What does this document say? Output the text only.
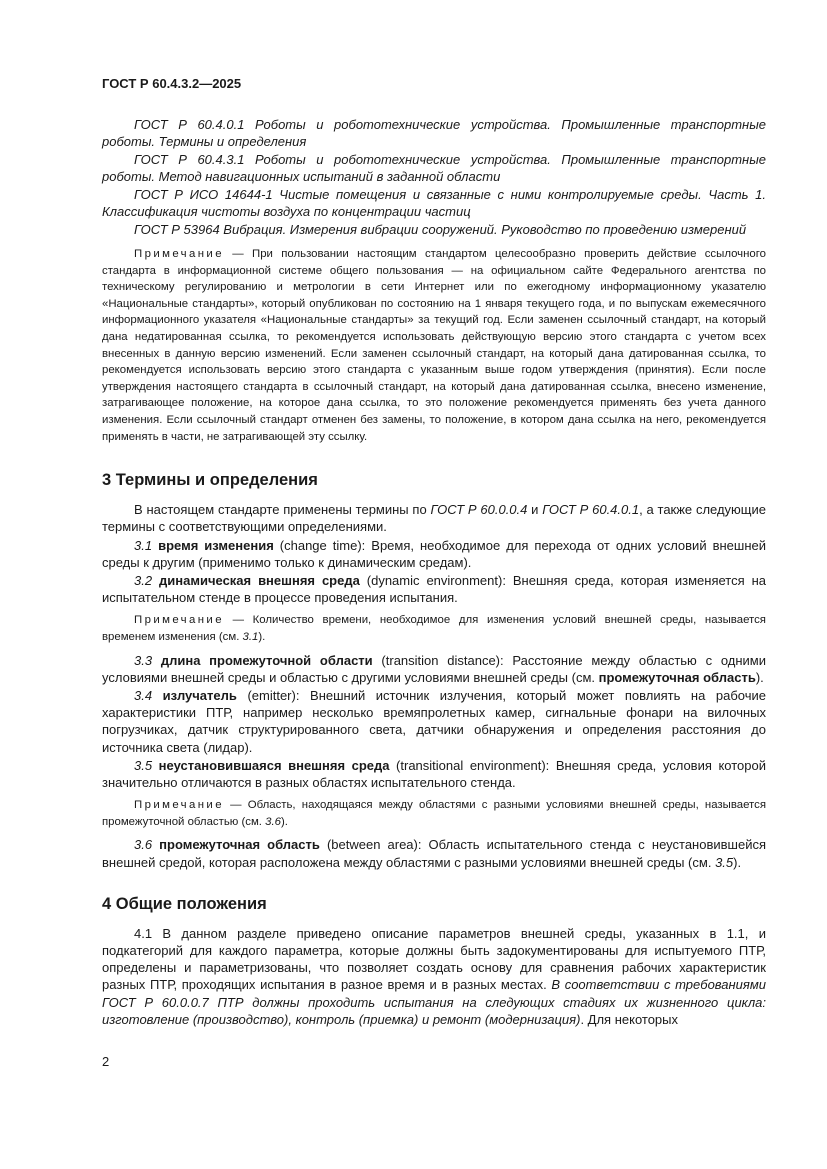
ГОСТ Р 60.4.3.2—2025

ГОСТ Р 60.4.0.1 Роботы и робототехнические устройства. Промышленные транспортные роботы. Термины и определения

ГОСТ Р 60.4.3.1 Роботы и робототехнические устройства. Промышленные транспортные роботы. Метод навигационных испытаний в заданной области

ГОСТ Р ИСО 14644-1 Чистые помещения и связанные с ними контролируемые среды. Часть 1. Классификация чистоты воздуха по концентрации частиц

ГОСТ Р 53964 Вибрация. Измерения вибрации сооружений. Руководство по проведению измерений

Примечание — При пользовании настоящим стандартом целесообразно проверить действие ссылочного стандарта в информационной системе общего пользования — на официальном сайте Федерального агентства по техническому регулированию и метрологии в сети Интернет или по ежегодному информационному указателю «Национальные стандарты», который опубликован по состоянию на 1 января текущего года, и по выпускам ежемесячного информационного указателя «Национальные стандарты» за текущий год. Если заменен ссылочный стандарт, на который дана недатированная ссылка, то рекомендуется использовать действующую версию этого стандарта с учетом всех внесенных в данную версию изменений. Если заменен ссылочный стандарт, на который дана датированная ссылка, то рекомендуется использовать версию этого стандарта с указанным выше годом утверждения (принятия). Если после утверждения настоящего стандарта в ссылочный стандарт, на который дана датированная ссылка, внесено изменение, затрагивающее положение, на которое дана ссылка, то это положение рекомендуется применять без учета данного изменения. Если ссылочный стандарт отменен без замены, то положение, в котором дана ссылка на него, рекомендуется применять в части, не затрагивающей эту ссылку.

3 Термины и определения

В настоящем стандарте применены термины по ГОСТ Р 60.0.0.4 и ГОСТ Р 60.4.0.1, а также следующие термины с соответствующими определениями.

3.1 время изменения (change time): Время, необходимое для перехода от одних условий внешней среды к другим (применимо только к динамическим средам).

3.2 динамическая внешняя среда (dynamic environment): Внешняя среда, которая изменяется на испытательном стенде в процессе проведения испытания.

Примечание — Количество времени, необходимое для изменения условий внешней среды, называется временем изменения (см. 3.1).

3.3 длина промежуточной области (transition distance): Расстояние между областью с одними условиями внешней среды и областью с другими условиями внешней среды (см. промежуточная область).

3.4 излучатель (emitter): Внешний источник излучения, который может повлиять на рабочие характеристики ПТР, например несколько времяпролетных камер, сигнальные фонари на вилочных погрузчиках, датчик структурированного света, датчики обнаружения и определения расстояния до источника света (лидар).

3.5 неустановившаяся внешняя среда (transitional environment): Внешняя среда, условия которой значительно отличаются в разных областях испытательного стенда.

Примечание — Область, находящаяся между областями с разными условиями внешней среды, называется промежуточной областью (см. 3.6).

3.6 промежуточная область (between area): Область испытательного стенда с неустановившейся внешней средой, которая расположена между областями с разными условиями внешней среды (см. 3.5).

4 Общие положения

4.1 В данном разделе приведено описание параметров внешней среды, указанных в 1.1, и подкатегорий для каждого параметра, которые должны быть задокументированы для испытуемого ПТР, определены и параметризованы, что позволяет создать основу для сравнения рабочих характеристик разных ПТР, проходящих испытания в разное время и в разных местах. В соответствии с требованиями ГОСТ Р 60.0.0.7 ПТР должны проходить испытания на следующих стадиях их жизненного цикла: изготовление (производство), контроль (приемка) и ремонт (модернизация). Для некоторых

2
